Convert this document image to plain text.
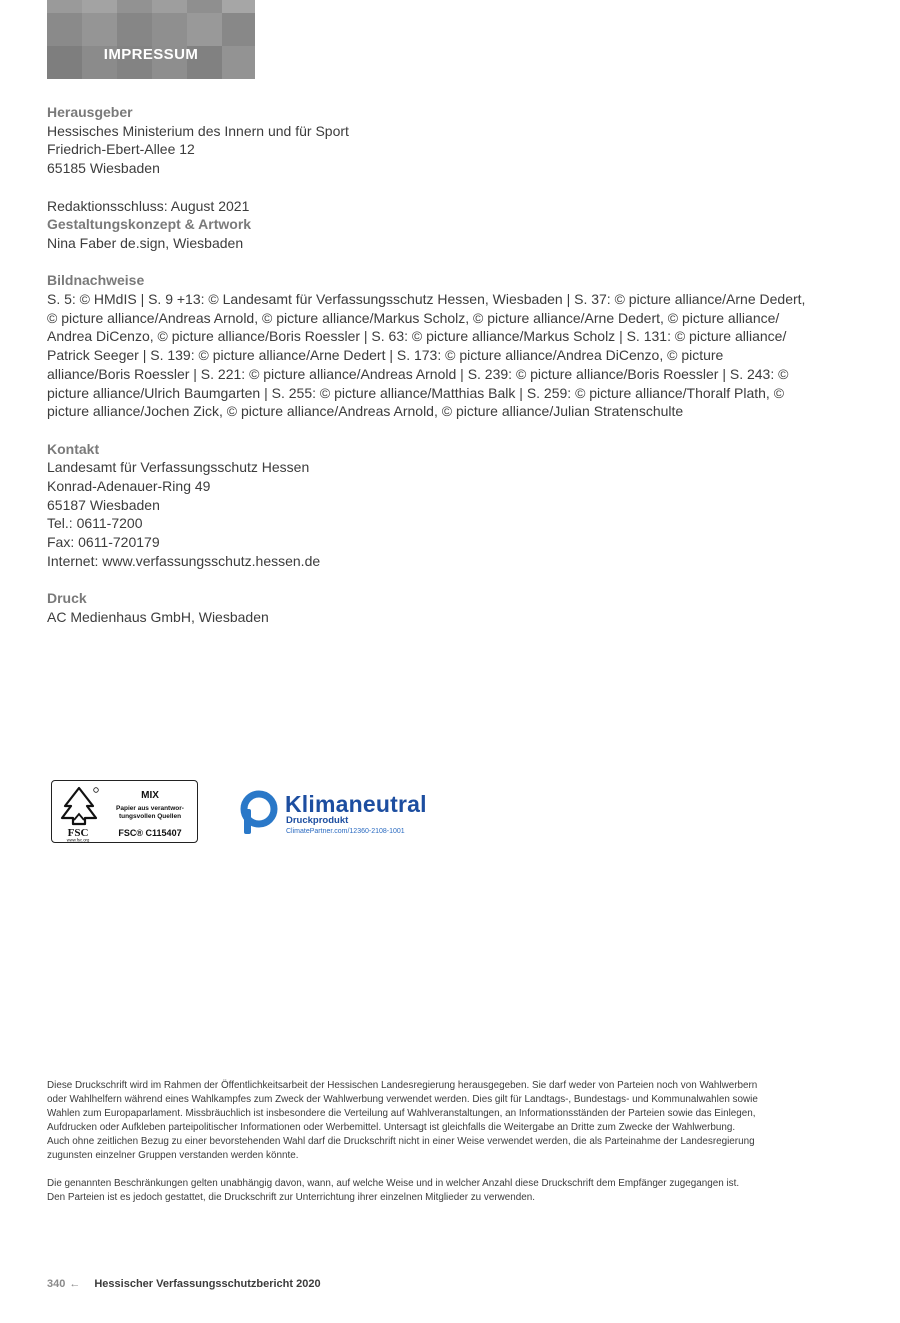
IMPRESSUM
Herausgeber
Hessisches Ministerium des Innern und für Sport
Friedrich-Ebert-Allee 12
65185 Wiesbaden
Redaktionsschluss: August 2021
Gestaltungskonzept & Artwork
Nina Faber de.sign, Wiesbaden
Bildnachweise
S. 5: © HMdIS | S. 9 +13: © Landesamt für Verfassungsschutz Hessen, Wiesbaden | S. 37: © picture alliance/Arne Dedert,
© picture alliance/Andreas Arnold, © picture alliance/Markus Scholz, © picture alliance/Arne Dedert, © picture alliance/
Andrea DiCenzo, © picture alliance/Boris Roessler | S. 63: © picture alliance/Markus Scholz | S. 131: © picture alliance/
Patrick Seeger | S. 139: © picture alliance/Arne Dedert | S. 173: © picture alliance/Andrea DiCenzo, © picture
alliance/Boris Roessler | S. 221: © picture alliance/Andreas Arnold | S. 239: © picture alliance/Boris Roessler | S. 243: ©
picture alliance/Ulrich Baumgarten | S. 255: © picture alliance/Matthias Balk | S. 259: © picture alliance/Thoralf Plath, ©
picture alliance/Jochen Zick, © picture alliance/Andreas Arnold, © picture alliance/Julian Stratenschulte
Kontakt
Landesamt für Verfassungsschutz Hessen
Konrad-Adenauer-Ring 49
65187 Wiesbaden
Tel.: 0611-7200
Fax: 0611-720179
Internet: www.verfassungsschutz.hessen.de
Druck
AC Medienhaus GmbH, Wiesbaden
FSC
www.fsc.org
MIX
Papier aus verantwor-
tungsvollen Quellen
FSC® C115407
Klimaneutral
Druckprodukt
ClimatePartner.com/12360-2108-1001

Diese Druckschrift wird im Rahmen der Öffentlichkeitsarbeit der Hessischen Landesregierung herausgegeben. Sie darf weder von Parteien noch von Wahlwerbern
oder Wahlhelfern während eines Wahlkampfes zum Zweck der Wahlwerbung verwendet werden. Dies gilt für Landtags-, Bundestags- und Kommunalwahlen sowie
Wahlen zum Europaparlament. Missbräuchlich ist insbesondere die Verteilung auf Wahlveranstaltungen, an Informationsständen der Parteien sowie das Einlegen,
Aufdrucken oder Aufkleben parteipolitischer Informationen oder Werbemittel. Untersagt ist gleichfalls die Weitergabe an Dritte zum Zwecke der Wahlwerbung.
Auch ohne zeitlichen Bezug zu einer bevorstehenden Wahl darf die Druckschrift nicht in einer Weise verwendet werden, die als Parteinahme der Landesregierung
zugunsten einzelner Gruppen verstanden werden könnte.

Die genannten Beschränkungen gelten unabhängig davon, wann, auf welche Weise und in welcher Anzahl diese Druckschrift dem Empfänger zugegangen ist.
Den Parteien ist es jedoch gestattet, die Druckschrift zur Unterrichtung ihrer einzelnen Mitglieder zu verwenden.

340 ← Hessischer Verfassungsschutzbericht 2020
